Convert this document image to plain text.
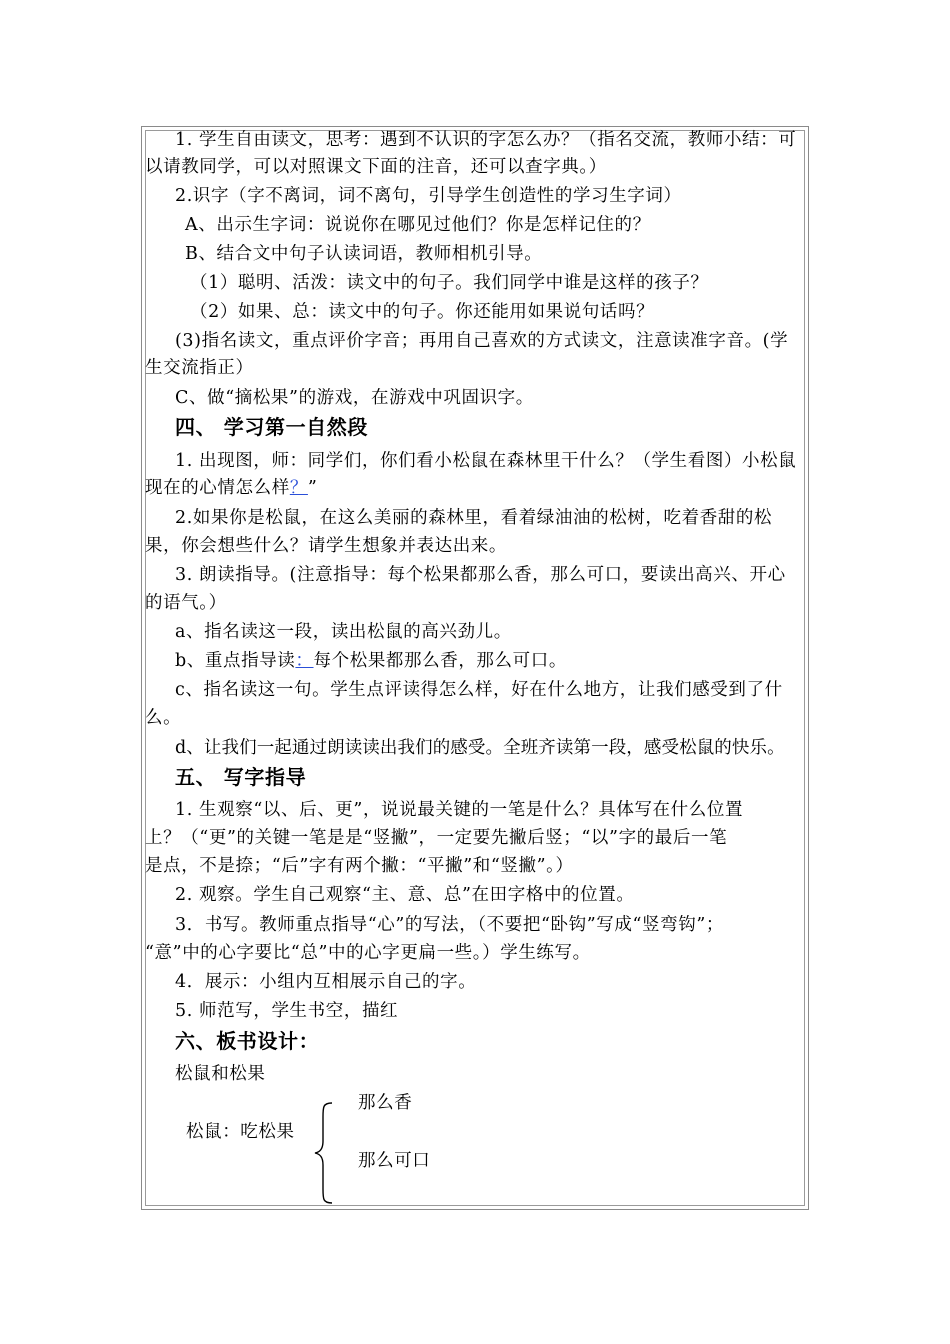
1. 学生自由读文，思考：遇到不认识的字怎么办？（指名交流，教师小结：可
以请教同学，可以对照课文下面的注音，还可以查字典。）
2.识字（字不离词，词不离句，引导学生创造性的学习生字词）
A、出示生字词：说说你在哪见过他们？你是怎样记住的？
B、结合文中句子认读词语，教师相机引导。
（1）聪明、活泼：读文中的句子。我们同学中谁是这样的孩子？
（2）如果、总：读文中的句子。你还能用如果说句话吗？
(3)指名读文，重点评价字音；再用自己喜欢的方式读文，注意读准字音。(学
生交流指正）
C、做“摘松果”的游戏，在游戏中巩固识字。
四、 学习第一自然段
1. 出现图，师：同学们，你们看小松鼠在森林里干什么？（学生看图）小松鼠
现在的心情怎么样？”
2.如果你是松鼠，在这么美丽的森林里，看着绿油油的松树，吃着香甜的松
果，你会想些什么？请学生想象并表达出来。
3. 朗读指导。(注意指导：每个松果都那么香，那么可口，要读出高兴、开心
的语气。）
a、指名读这一段，读出松鼠的高兴劲儿。
b、重点指导读：每个松果都那么香，那么可口。
c、指名读这一句。学生点评读得怎么样，好在什么地方，让我们感受到了什
么。
d、让我们一起通过朗读读出我们的感受。全班齐读第一段，感受松鼠的快乐。
五、 写字指导
1. 生观察“以、后、更”，说说最关键的一笔是什么？具体写在什么位置
上？（“更”的关键一笔是是“竖撇”，一定要先撇后竖；“以”字的最后一笔
是点，不是捺；“后”字有两个撇：“平撇”和“竖撇”。）
2. 观察。学生自己观察“主、意、总”在田字格中的位置。
3．书写。教师重点指导“心”的写法，（不要把“卧钩”写成“竖弯钩”；
“意”中的心字要比“总”中的心字更扁一些。）学生练写。
4．展示：小组内互相展示自己的字。
5. 师范写，学生书空，描红
六、板书设计：
松鼠和松果
那么香
松鼠：吃松果
那么可口
